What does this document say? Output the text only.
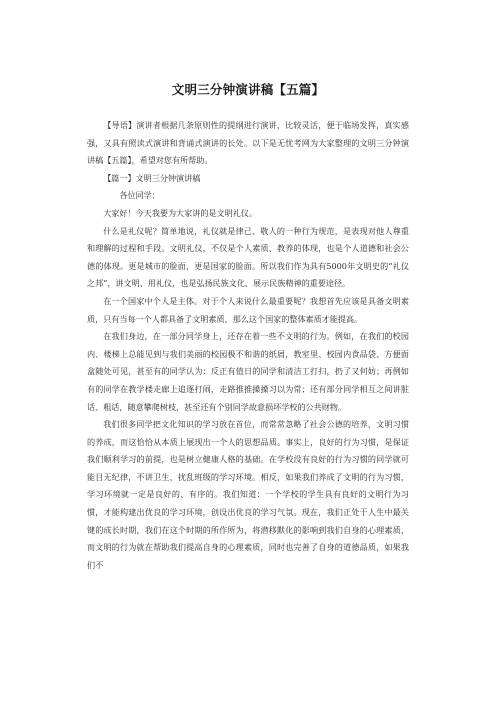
文明三分钟演讲稿【五篇】

【导语】演讲者根据几条原则性的提纲进行演讲，比较灵活，便于临场发挥，真实感强，又具有照读式演讲和背诵式演讲的长处。以下是无忧考网为大家整理的文明三分钟演讲稿【五篇】，希望对您有所帮助。

【篇一】文明三分钟演讲稿

各位同学：

大家好！今天我要为大家讲的是文明礼仪。

什么是礼仪呢？简单地说，礼仪就是律己、敬人的一种行为规范，是表现对他人尊重和理解的过程和手段。文明礼仪，不仅是个人素质、教养的体现，也是个人道德和社会公德的体现。更是城市的脸面，更是国家的脸面。所以我们作为具有5000年文明史的“礼仪之邦”，讲文明、用礼仪，也是弘扬民族文化、展示民族精神的重要途径。

在一个国家中个人是主体。对于个人来说什么最重要呢？我想首先应该是具备文明素质，只有当每一个人都具备了文明素质，那么这个国家的整体素质才能提高。

在我们身边，在一部分同学身上，还存在着一些不文明的行为。例如，在我们的校园内、楼梯上总能见到与我们美丽的校园极不和谐的纸屑，教室里、校园内食品袋、方便面盒随处可见，甚至有的同学认为：反正有值日的同学和清洁工打扫，扔了又何妨；再例如有的同学在教学楼走廊上追逐打闹，走路推推搡搡习以为常；还有部分同学相互之间讲脏话、粗话，随意攀爬树枝，甚至还有个别同学故意损坏学校的公共财物。

我们很多同学把文化知识的学习放在首位，而常常忽略了社会公德的培养，文明习惯的养成，而这恰恰从本质上展现出一个人的思想品质。事实上，良好的行为习惯，是保证我们顺利学习的前提，也是树立健康人格的基础。在学校没有良好的行为习惯的同学就可能目无纪律，不讲卫生，扰乱班级的学习环境。相反，如果我们养成了文明的行为习惯，学习环境就一定是良好的、有序的。我们知道：一个学校的学生具有良好的文明行为习惯，才能构建出优良的学习环境，创设出优良的学习气氛。现在，我们正处于人生中最关键的成长时期，我们在这个时期的所作所为，将潜移默化的影响到我们自身的心理素质，而文明的行为就在帮助我们提高自身的心理素质，同时也完善了自身的道德品质，如果我们不
